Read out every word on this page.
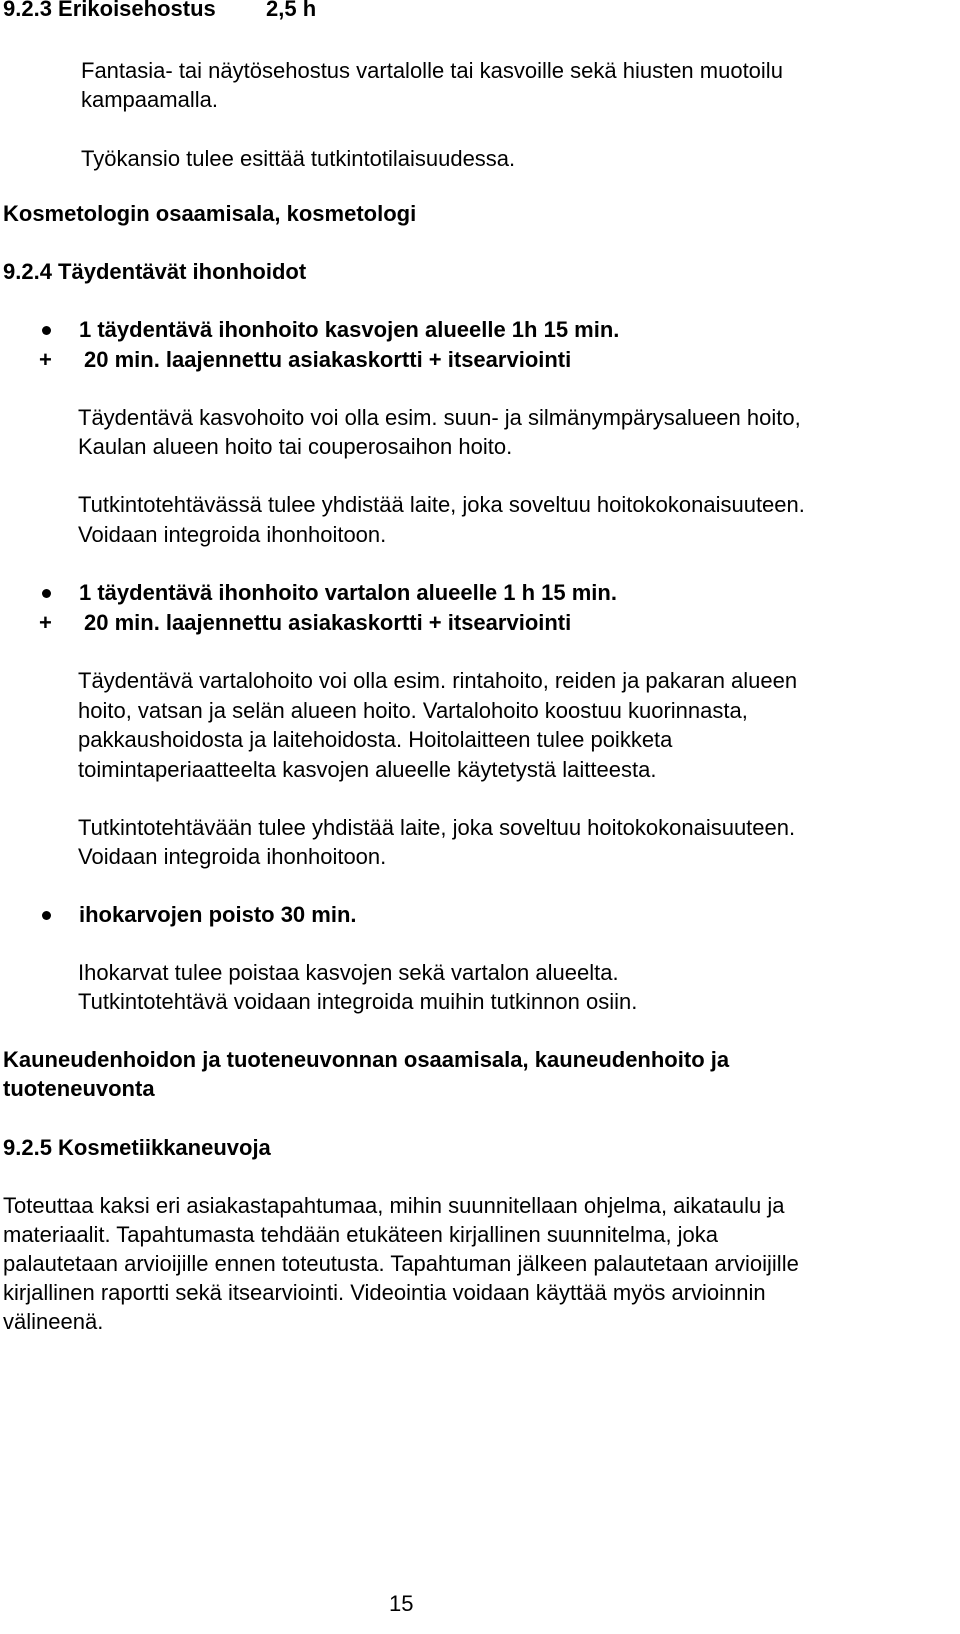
9.2.3 Erikoisehostus 2,5 h

Fantasia- tai näytösehostus vartalolle tai kasvoille sekä hiusten muotoilu

kampaamalla.

Työkansio tulee esittää tutkintotilaisuudessa.

Kosmetologin osaamisala, kosmetologi

9.2.4 Täydentävät ihonhoidot

1 täydentävä ihonhoito kasvojen alueelle 1h 15 min.

+ 20 min. laajennettu asiakaskortti + itsearviointi

Täydentävä kasvohoito voi olla esim. suun- ja silmänympärysalueen hoito,

Kaulan alueen hoito tai couperosaihon hoito.

Tutkintotehtävässä tulee yhdistää laite, joka soveltuu hoitokokonaisuuteen.

Voidaan integroida ihonhoitoon.

1 täydentävä ihonhoito vartalon alueelle 1 h 15 min.

+ 20 min. laajennettu asiakaskortti + itsearviointi

Täydentävä vartalohoito voi olla esim. rintahoito, reiden ja pakaran alueen

hoito, vatsan ja selän alueen hoito. Vartalohoito koostuu kuorinnasta,

pakkaushoidosta ja laitehoidosta. Hoitolaitteen tulee poikketa

toimintaperiaatteelta kasvojen alueelle käytetystä laitteesta.

Tutkintotehtävään tulee yhdistää laite, joka soveltuu hoitokokonaisuuteen.

Voidaan integroida ihonhoitoon.

ihokarvojen poisto 30 min.

Ihokarvat tulee poistaa kasvojen sekä vartalon alueelta.

Tutkintotehtävä voidaan integroida muihin tutkinnon osiin.

Kauneudenhoidon ja tuoteneuvonnan osaamisala, kauneudenhoito ja

tuoteneuvonta

9.2.5 Kosmetiikkaneuvoja

Toteuttaa kaksi eri asiakastapahtumaa, mihin suunnitellaan ohjelma, aikataulu ja

materiaalit. Tapahtumasta tehdään etukäteen kirjallinen suunnitelma, joka

palautetaan arvioijille ennen toteutusta. Tapahtuman jälkeen palautetaan arvioijille

kirjallinen raportti sekä itsearviointi. Videointia voidaan käyttää myös arvioinnin

välineenä.

15
